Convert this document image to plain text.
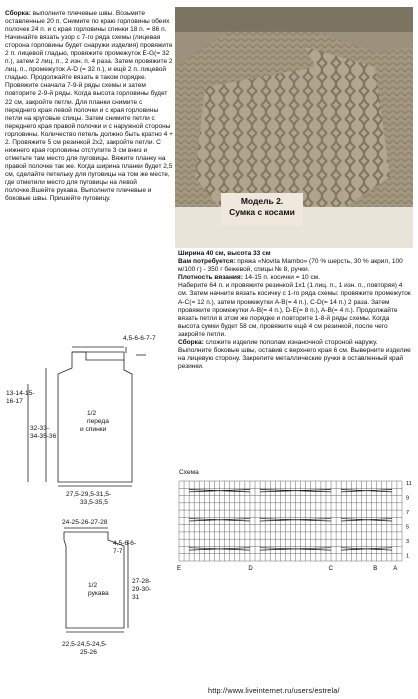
Сборка: выполните плечевые швы. Возьмите оставленные 20 п. Снимите по краю горловины обеих полочек 24 п. и с края горловины спинки 18 п. = 86 п. Начинайте вязать узор с 7-го ряда схемы (лицевая сторона горловины будет снаружи изделия) провяжите 2 п. лицевой гладью, провяжите промежуток E-G(= 32 п.), затем 2 лиц. п., 2 изн. п. 4 раза. Затем провяжите 2 лиц. п., промежуток A-D (= 32 п.), и ещё 2 п. лицевой гладью. Продолжайте вязать в таком порядке. Провяжите сначала 7-9-й ряды схемы и затем повторите 2-9-й ряды. Когда высота горловины будет 22 см, закройте петли. Для планки снимите с переднего края левой полочки и с края горловины петли на круговые спицы. Затем снимите петли с переднего края правой полочки и с наружной стороны горловины. Количество петель должно быть кратно 4 + 2. Провяжите 5 см резинкой 2x2, закройте петли. С нижнего края горловины отступите 3 см вниз и отметьте там место для пуговицы. Вяжите планку на правой полочке так же. Когда ширина планки будет 2,5 см, сделайте петельку для пуговицы на том же месте, где отметили место для пуговицы на левой полочке.Вшейте рукава. Выполните плечевые и боковые швы. Пришейте пуговицу.	Модель 2.
Сумка с косами

Ширина 40 см, высота 33 см

Вам потребуется: пряжа «Novita Mambo» (70 % шерсть, 30 % акрил, 100 м/100 г) - 350 г бежевой, спицы № 8, ручки.

Плотность вязания: 14-15 п. косички = 10 см.

Наберите 64 п. и провяжите резинкой 1x1 (1 лиц. п., 1 изн. п., повторяя) 4 см. Затем начните вязать косичку с 1-го ряда схемы: провяжите промежуток A-C(= 12 п.), затем промежутки A-B(= 4 п.), C-D(= 14 п.) 2 раза. Затем провяжите промежутки A-B(= 4 п.), D-E(= 8 п.), A-B(= 4 п.). Продолжайте вязать петли в этом же порядке и повторите 1-8-й ряды схемы. Когда высота сумки будет 58 см, провяжите ещё 4 см резинкой, после чего закройте петли.

Сборка: сложите изделие пополам изнаночной стороной наружу. Выполните боковые швы, оставив с верхнего края 6 см. Выверните изделие на лицевую сторону. Закрепите металлические ручки в оставленный край резинки.

4,5-6-6-7-7
13-14-15-16-17
32-33-34-35-36
1/2
переда
и спинки
27,5-29,5-31,5-
33,5-35,5
24-25-26-27-28
4,5-6-6-7-7
27-28-29-30-31
1/2
рукава
22,5-24,5-24,5-
25-26
Схема
11
9
7
5
3
1
E	D	C	B	A
http://www.liveinternet.ru/users/estrela/
